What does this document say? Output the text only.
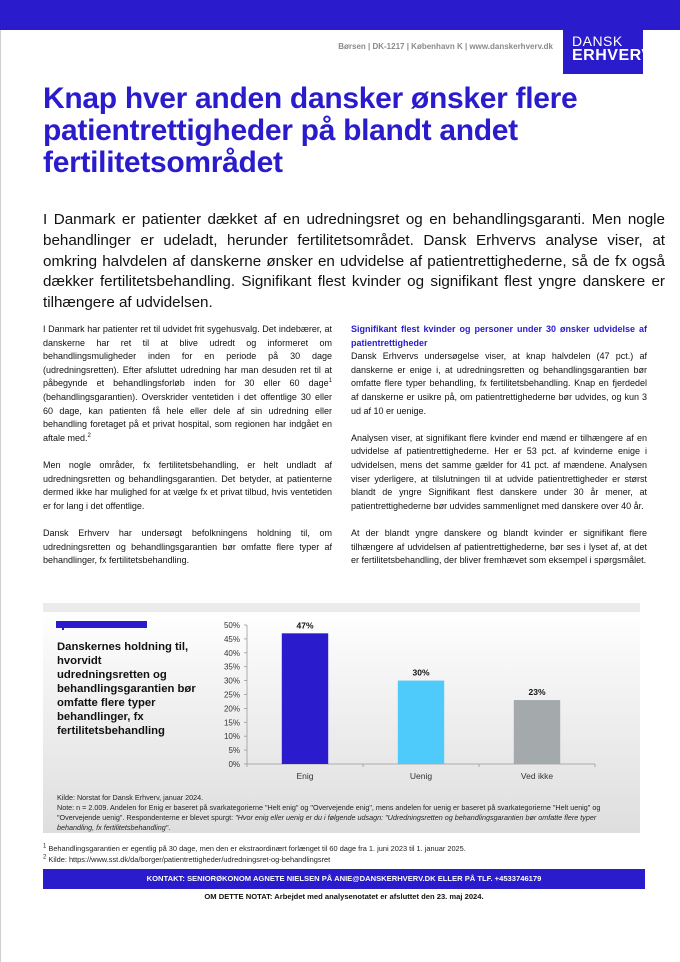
DANSK
ERHVERV
Børsen | DK-1217 | København K | www.danskerhverv.dk
Knap hver anden dansker ønsker flere patientrettigheder på blandt andet fertilitetsområdet
I Danmark er patienter dækket af en udredningsret og en behandlingsgaranti. Men nogle behandlinger er udeladt, herunder fertilitetsområdet. Dansk Erhvervs analyse viser, at omkring halvdelen af danskerne ønsker en udvidelse af patientrettighederne, så de fx også dækker fertilitetsbehandling. Signifikant flest kvinder og signifikant flest yngre danskere er tilhængere af udvidelsen.

I Danmark har patienter ret til udvidet frit sygehusvalg. Det indebærer, at danskerne har ret til at blive udredt og informeret om behandlingsmuligheder inden for en periode på 30 dage (udredningsretten). Efter afsluttet udredning har man desuden ret til at påbegynde et behandlingsforløb inden for 30 eller 60 dage$^1$ (behandlingsgarantien). Overskrider ventetiden i det offentlige 30 eller 60 dage, kan patienten få hele eller dele af sin udredning eller behandling foretaget på et privat hospital, som regionen har indgået en aftale med.$^2$

Men nogle områder, fx fertilitetsbehandling, er helt undladt af udredningsretten og behandlingsgarantien. Det betyder, at patienterne dermed ikke har mulighed for at vælge fx et privat tilbud, hvis ventetiden er for lang i det offentlige.

Dansk Erhverv har undersøgt befolkningens holdning til, om udredningsretten og behandlingsgarantien bør omfatte flere typer af behandlinger, fx fertilitetsbehandling.

Signifikant flest kvinder og personer under 30 ønsker udvidelse af patientrettigheder

Dansk Erhvervs undersøgelse viser, at knap halvdelen (47 pct.) af danskerne er enige i, at udredningsretten og behandlingsgarantien bør omfatte flere typer behandling, fx fertilitetsbehandling. Knap en fjerdedel af danskerne er usikre på, om patientrettighederne bør udvides, og kun 3 ud af 10 er uenige.

Analysen viser, at signifikant flere kvinder end mænd er tilhængere af en udvidelse af patientrettighederne. Her er 53 pct. af kvinderne enige i udvidelsen, mens det samme gælder for 41 pct. af mændene. Analysen viser yderligere, at tilslutningen til at udvide patientrettigheder er størst blandt de yngre Signifikant flest danskere under 30 år mener, at patientrettighederne bør udvides sammenlignet med danskere over 40 år.

At der blandt yngre danskere og blandt kvinder er signifikant flere tilhængere af udvidelsen af patientrettighederne, bør ses i lyset af, at det er fertilitetsbehandling, der bliver fremhævet som eksempel i spørgsmålet.

Danskernes holdning til, hvorvidt udredningsretten og behandlingsgarantien bør omfatte flere typer behandlinger, fx fertilitetsbehandling
0%
5%
10%
15%
20%
25%
30%
35%
40%
45%
50%
Enig	Uenig	Ved ikke
47%
30%
23%
Kilde: Norstat for Dansk Erhverv, januar 2024.
Note: n = 2.009. Andelen for Enig er baseret på svarkategorierne "Helt enig" og "Overvejende enig", mens andelen for uenig er baseret på svarkategorierne "Helt uenig" og "Overvejende uenig". Respondenterne er blevet spurgt: "Hvor enig eller uenig er du i følgende udsagn: "Udredningsretten og behandlingsgarantien bør omfatte flere typer behandling, fx fertilitetsbehandling".
$^1$ Behandlingsgarantien er egentlig på 30 dage, men den er ekstraordinært forlænget til 60 dage fra 1. juni 2023 til 1. januar 2025.
$^2$ Kilde: https://www.sst.dk/da/borger/patientrettigheder/udredningsret-og-behandlingsret
KONTAKT: SENIORØKONOM AGNETE NIELSEN PÅ ANIE@DANSKERHVERV.DK ELLER PÅ TLF. +4533746179
OM DETTE NOTAT: Arbejdet med analysenotatet er afsluttet den 23. maj 2024.
